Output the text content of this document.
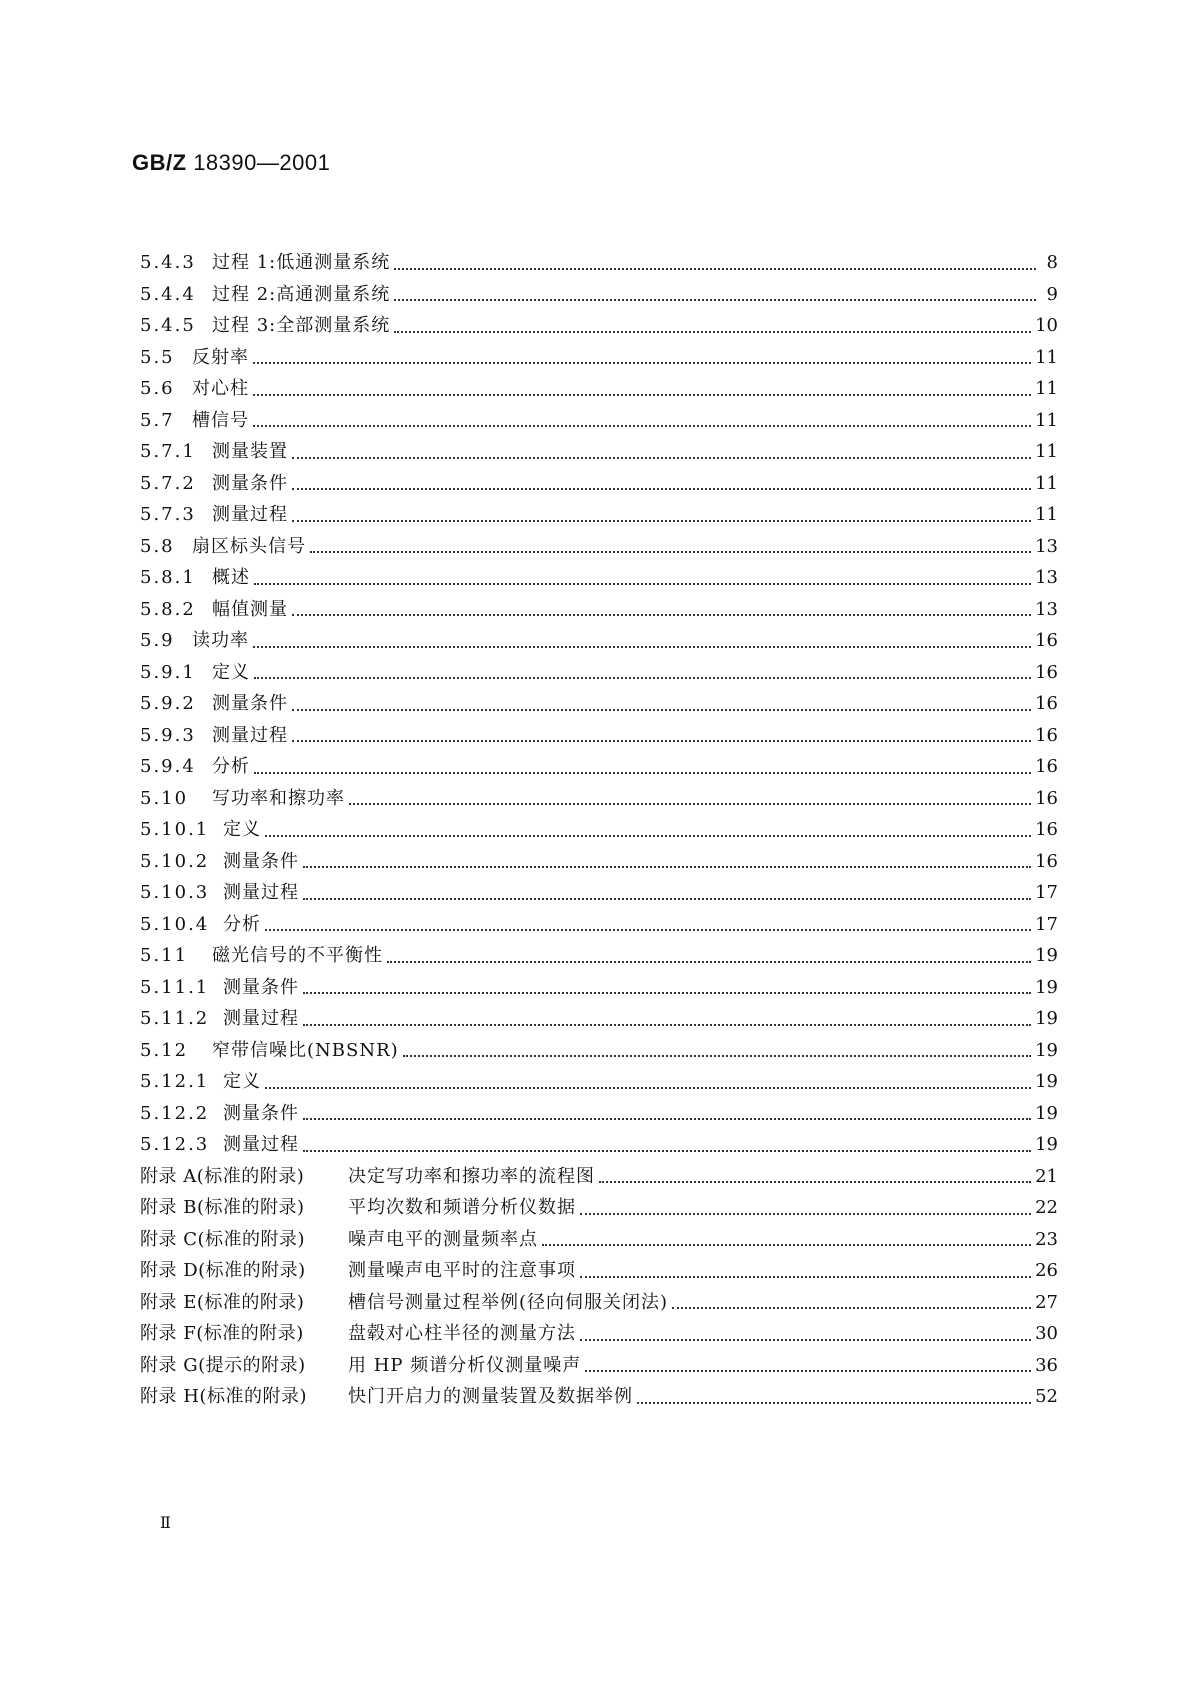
GB/Z 18390—2001
5.4.3 过程 1:低通测量系统	8
5.4.4 过程 2:高通测量系统	9
5.4.5 过程 3:全部测量系统	10
5.5 反射率	11
5.6 对心柱	11
5.7 槽信号	11
5.7.1 测量装置	11
5.7.2 测量条件	11
5.7.3 测量过程	11
5.8 扇区标头信号	13
5.8.1 概述	13
5.8.2 幅值测量	13
5.9 读功率	16
5.9.1 定义	16
5.9.2 测量条件	16
5.9.3 测量过程	16
5.9.4 分析	16
5.10	写功率和擦功率	16
5.10.1 定义	16
5.10.2 测量条件	16
5.10.3 测量过程	17
5.10.4 分析	17
5.11	磁光信号的不平衡性	19
5.11.1 测量条件	19
5.11.2 测量过程	19
5.12	窄带信噪比(NBSNR)	19
5.12.1 定义	19
5.12.2 测量条件	19
5.12.3 测量过程	19
附录 A(标准的附录)	决定写功率和擦功率的流程图	21
附录 B(标准的附录)	平均次数和频谱分析仪数据	22
附录 C(标准的附录)	噪声电平的测量频率点	23
附录 D(标准的附录)	测量噪声电平时的注意事项	26
附录 E(标准的附录)	槽信号测量过程举例(径向伺服关闭法)	27
附录 F(标准的附录)	盘毂对心柱半径的测量方法	30
附录 G(提示的附录)	用 HP 频谱分析仪测量噪声	36
附录 H(标准的附录)	快门开启力的测量装置及数据举例	52
Ⅱ
